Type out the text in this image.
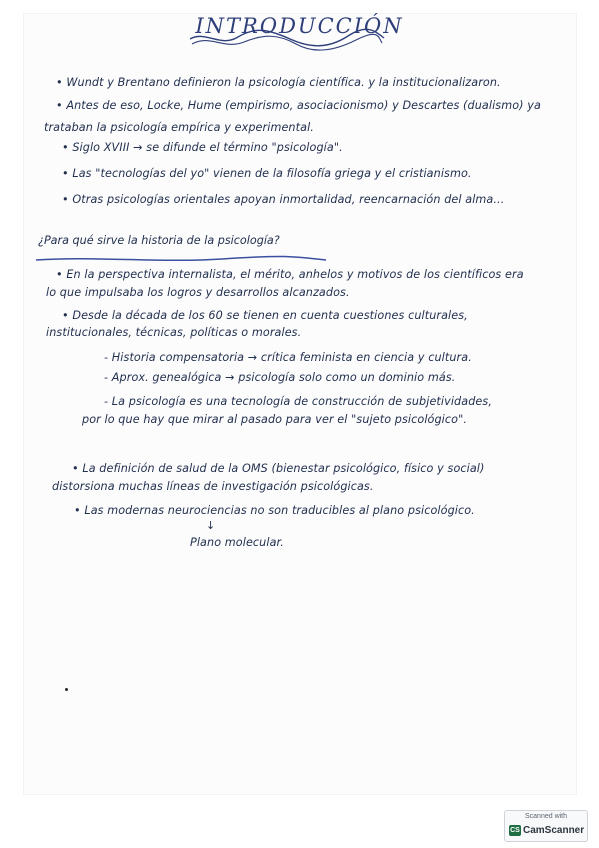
INTRODUCCIÓN
• Wundt y Brentano definieron la psicología científica. y la institucionalizaron.
• Antes de eso, Locke, Hume (empirismo, asociacionismo) y Descartes (dualismo) ya
trataban la psicología empírica y experimental.
• Siglo XVIII → se difunde el término "psicología".
• Las "tecnologías del yo" vienen de la filosofía griega y el cristianismo.
• Otras psicologías orientales apoyan inmortalidad, reencarnación del alma...
¿Para qué sirve la historia de la psicología?
• En la perspectiva internalista, el mérito, anhelos y motivos de los científicos era
lo que impulsaba los logros y desarrollos alcanzados.
• Desde la década de los 60 se tienen en cuenta cuestiones culturales,
institucionales, técnicas, políticas o morales.
- Historia compensatoria → crítica feminista en ciencia y cultura.
- Aprox. genealógica → psicología solo como un dominio más.
- La psicología es una tecnología de construcción de subjetividades,
por lo que hay que mirar al pasado para ver el "sujeto psicológico".
• La definición de salud de la OMS (bienestar psicológico, físico y social)
distorsiona muchas líneas de investigación psicológicas.
• Las modernas neurociencias no son traducibles al plano psicológico.
↓
Plano molecular.
Scanned with
CS CamScanner
